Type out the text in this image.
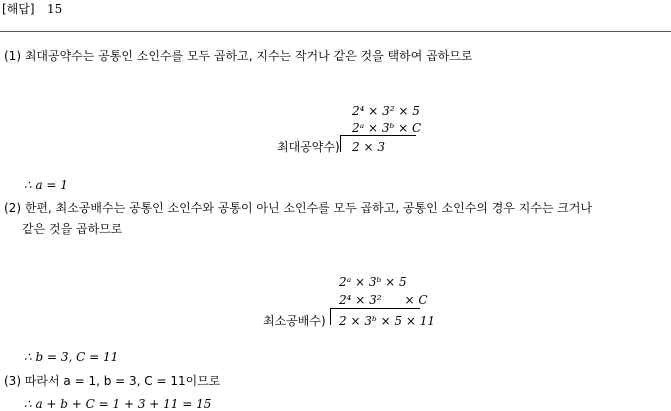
[해답] 15
(1) 최대공약수는 공통인 소인수를 모두 곱하고, 지수는 작거나 같은 것을 택하여 곱하므로
2⁴ × 3² × 5
2ᵃ × 3ᵇ × C
최대공약수) 2 × 3
∴ a = 1
(2) 한편, 최소공배수는 공통인 소인수와 공통이 아닌 소인수를 모두 곱하고, 공통인 소인수의 경우 지수는 크거나
같은 것을 곱하므로
2ᵃ × 3ᵇ × 5
2⁴ × 3²      × C
최소공배수) 2 × 3ᵇ × 5 × 11
∴ b = 3, C = 11
(3) 따라서 a = 1, b = 3, C = 11이므로
∴ a + b + C = 1 + 3 + 11 = 15
